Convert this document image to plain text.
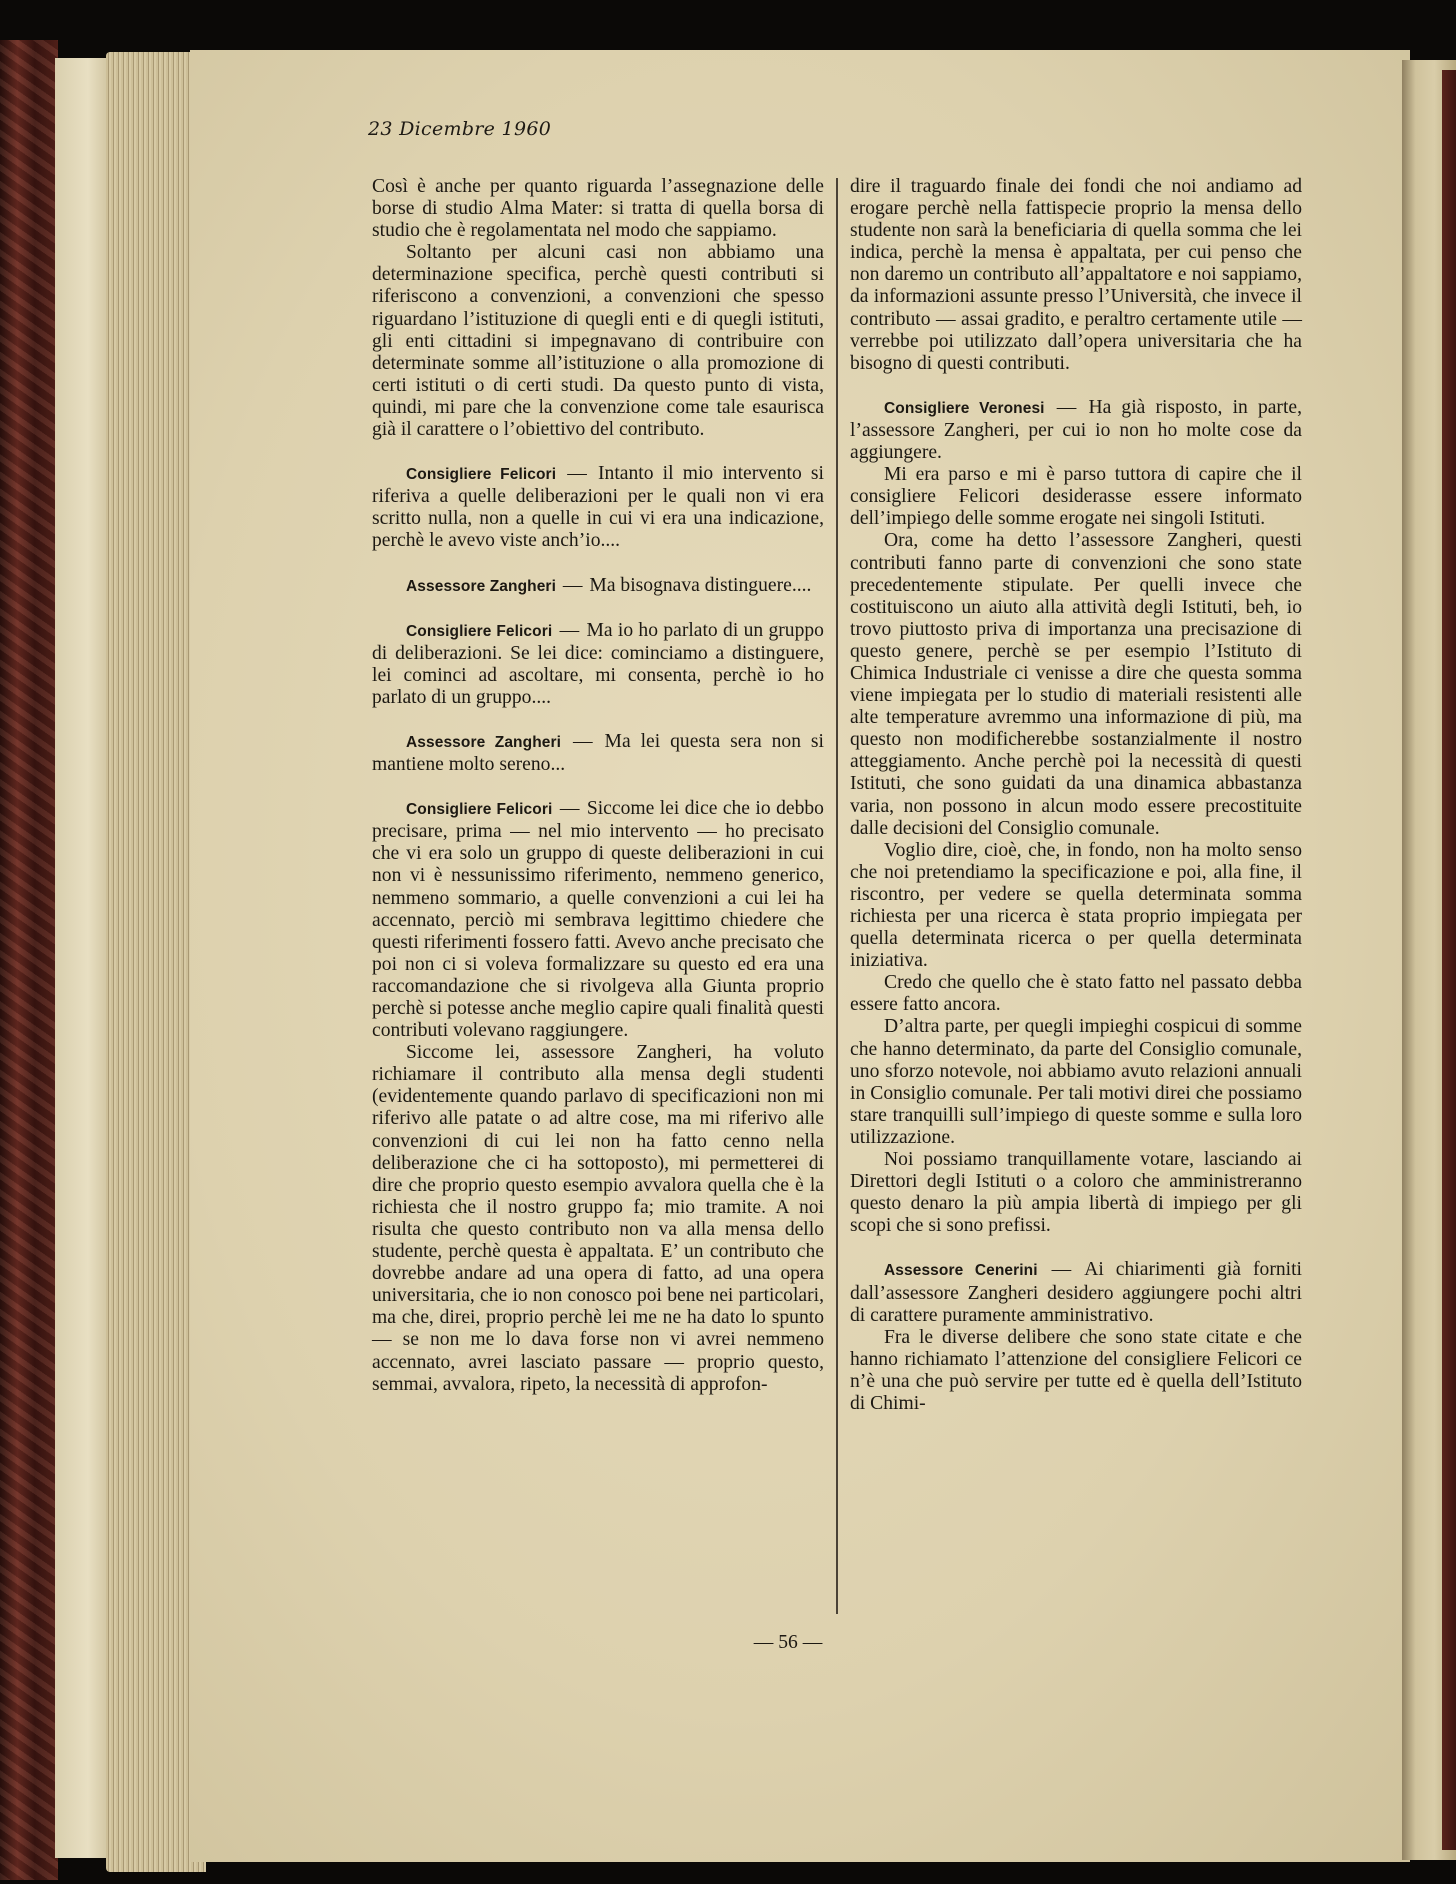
23 Dicembre 1960

Così è anche per quanto riguarda l’assegnazione delle borse di studio Alma Mater: si tratta di quella borsa di studio che è regolamentata nel modo che sappiamo.

Soltanto per alcuni casi non abbiamo una determinazione specifica, perchè questi contributi si riferiscono a convenzioni, a convenzioni che spesso riguardano l’istituzione di quegli enti e di quegli istituti, gli enti cittadini si impegnavano di contribuire con determinate somme all’istituzione o alla promozione di certi istituti o di certi studi. Da questo punto di vista, quindi, mi pare che la convenzione come tale esaurisca già il carattere o l’obiettivo del contributo.

Consigliere Felicori — Intanto il mio intervento si riferiva a quelle deliberazioni per le quali non vi era scritto nulla, non a quelle in cui vi era una indicazione, perchè le avevo viste anch’io....

Assessore Zangheri — Ma bisognava distinguere....

Consigliere Felicori — Ma io ho parlato di un gruppo di deliberazioni. Se lei dice: cominciamo a distinguere, lei cominci ad ascoltare, mi consenta, perchè io ho parlato di un gruppo....

Assessore Zangheri — Ma lei questa sera non si mantiene molto sereno...

Consigliere Felicori — Siccome lei dice che io debbo precisare, prima — nel mio intervento — ho precisato che vi era solo un gruppo di queste deliberazioni in cui non vi è nessunissimo riferimento, nemmeno generico, nemmeno sommario, a quelle convenzioni a cui lei ha accennato, perciò mi sembrava legittimo chiedere che questi riferimenti fossero fatti. Avevo anche precisato che poi non ci si voleva formalizzare su questo ed era una raccomandazione che si rivolgeva alla Giunta proprio perchè si potesse anche meglio capire quali finalità questi contributi volevano raggiungere.

Siccome lei, assessore Zangheri, ha voluto richiamare il contributo alla mensa degli studenti (evidentemente quando parlavo di specificazioni non mi riferivo alle patate o ad altre cose, ma mi riferivo alle convenzioni di cui lei non ha fatto cenno nella deliberazione che ci ha sottoposto), mi permetterei di dire che proprio questo esempio avvalora quella che è la richiesta che il nostro gruppo fa; mio tramite. A noi risulta che questo contributo non va alla mensa dello studente, perchè questa è appaltata. E’ un contributo che dovrebbe andare ad una opera di fatto, ad una opera universitaria, che io non conosco poi bene nei particolari, ma che, direi, proprio perchè lei me ne ha dato lo spunto — se non me lo dava forse non vi avrei nemmeno accennato, avrei lasciato passare — proprio questo, semmai, avvalora, ripeto, la necessità di approfon-

dire il traguardo finale dei fondi che noi andiamo ad erogare perchè nella fattispecie proprio la mensa dello studente non sarà la beneficiaria di quella somma che lei indica, perchè la mensa è appaltata, per cui penso che non daremo un contributo all’appaltatore e noi sappiamo, da informazioni assunte presso l’Università, che invece il contributo — assai gradito, e peraltro certamente utile — verrebbe poi utilizzato dall’opera universitaria che ha bisogno di questi contributi.

Consigliere Veronesi — Ha già risposto, in parte, l’assessore Zangheri, per cui io non ho molte cose da aggiungere.

Mi era parso e mi è parso tuttora di capire che il consigliere Felicori desiderasse essere informato dell’impiego delle somme erogate nei singoli Istituti.

Ora, come ha detto l’assessore Zangheri, questi contributi fanno parte di convenzioni che sono state precedentemente stipulate. Per quelli invece che costituiscono un aiuto alla attività degli Istituti, beh, io trovo piuttosto priva di importanza una precisazione di questo genere, perchè se per esempio l’Istituto di Chimica Industriale ci venisse a dire che questa somma viene impiegata per lo studio di materiali resistenti alle alte temperature avremmo una informazione di più, ma questo non modificherebbe sostanzialmente il nostro atteggiamento. Anche perchè poi la necessità di questi Istituti, che sono guidati da una dinamica abbastanza varia, non possono in alcun modo essere precostituite dalle decisioni del Consiglio comunale.

Voglio dire, cioè, che, in fondo, non ha molto senso che noi pretendiamo la specificazione e poi, alla fine, il riscontro, per vedere se quella determinata somma richiesta per una ricerca è stata proprio impiegata per quella determinata ricerca o per quella determinata iniziativa.

Credo che quello che è stato fatto nel passato debba essere fatto ancora.

D’altra parte, per quegli impieghi cospicui di somme che hanno determinato, da parte del Consiglio comunale, uno sforzo notevole, noi abbiamo avuto relazioni annuali in Consiglio comunale. Per tali motivi direi che possiamo stare tranquilli sull’impiego di queste somme e sulla loro utilizzazione.

Noi possiamo tranquillamente votare, lasciando ai Direttori degli Istituti o a coloro che amministreranno questo denaro la più ampia libertà di impiego per gli scopi che si sono prefissi.

Assessore Cenerini — Ai chiarimenti già forniti dall’assessore Zangheri desidero aggiungere pochi altri di carattere puramente amministrativo.

Fra le diverse delibere che sono state citate e che hanno richiamato l’attenzione del consigliere Felicori ce n’è una che può servire per tutte ed è quella dell’Istituto di Chimi-

— 56 —
